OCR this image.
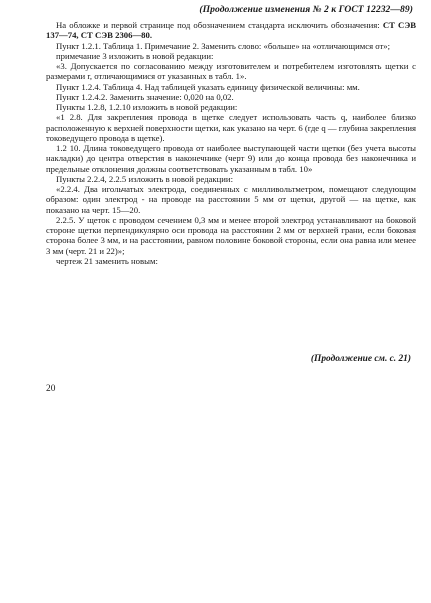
(Продолжение изменения № 2 к ГОСТ 12232—89)

На обложке и первой странице под обозначением стандарта исключить обозначения: СТ СЭВ 137—74, СТ СЭВ 2306—80.

Пункт 1.2.1. Таблица 1. Примечание 2. Заменить слово: «больше» на «отличающимся от»;

примечание 3 изложить в новой редакции:

«3. Допускается по согласованию между изготовителем и потребителем изготовлять щетки с размерами r, отличающимися от указанных в табл. 1».

Пункт 1.2.4. Таблица 4. Над таблицей указать единицу физической величины: мм.

Пункт 1.2.4.2. Заменить значение: 0,020 на 0,02.

Пункты 1.2.8, 1.2.10 изложить в новой редакции:

«1 2.8. Для закрепления провода в щетке следует использовать часть q, наиболее близко расположенную к верхней поверхности щетки, как указано на черт. 6 (где q — глубина закрепления токоведущего провода в щетке).

1.2 10. Длина токоведущего провода от наиболее выступающей части щетки (без учета высоты накладки) до центра отверстия в наконечнике (черт 9) или до конца провода без наконечника и предельные отклонения должны соответствовать указанным в табл. 10»

Пункты 2.2.4, 2.2.5 изложить в новой редакции:

«2.2.4. Два игольчатых электрода, соединенных с милливольтметром, помещают следующим образом: один электрод - на проводе на расстоянии 5 мм от щетки, другой — на щетке, как показано на черт. 15—20.

2.2.5. У щеток с проводом сечением 0,3 мм и менее второй электрод устанавливают на боковой стороне щетки перпендикулярно оси провода на расстоянии 2 мм от верхней грани, если боковая сторона более 3 мм, и на расстоянии, равном половине боковой стороны, если она равна или менее 3 мм (черт. 21 и 22)»;

чертеж 21 заменить новым:

(Продолжение см. с. 21)
20
